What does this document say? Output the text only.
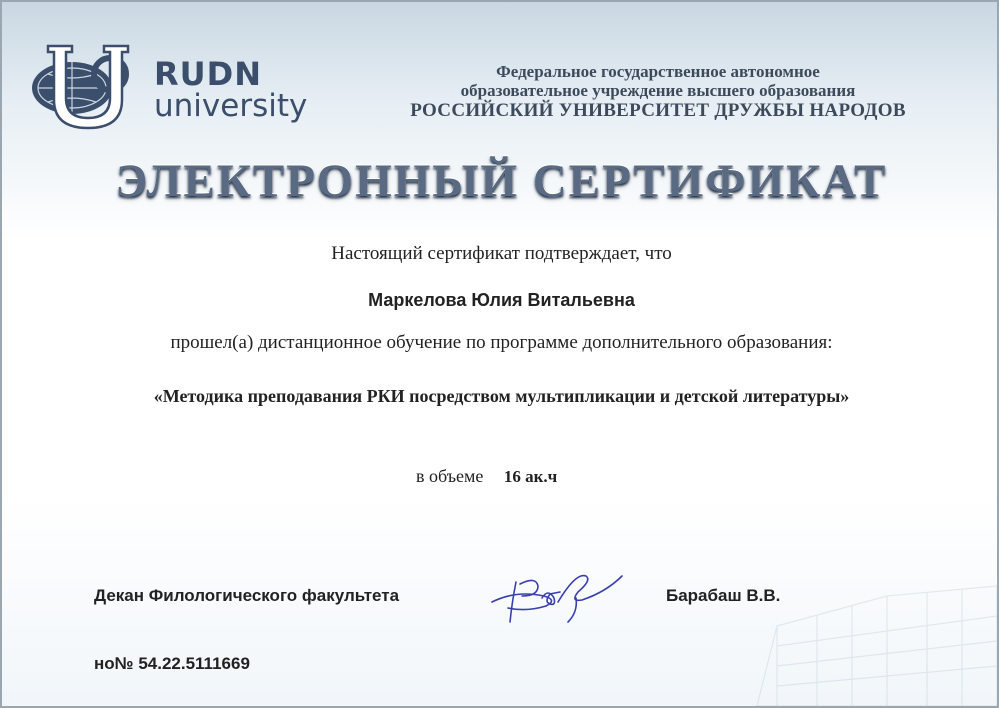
RUDN
university
Федеральное государственное автономное
образовательное учреждение высшего образования
РОССИЙСКИЙ УНИВЕРСИТЕТ ДРУЖБЫ НАРОДОВ
ЭЛЕКТРОННЫЙ СЕРТИФИКАТ
Настоящий сертификат подтверждает, что
Маркелова Юлия Витальевна
прошел(а) дистанционное обучение по программе дополнительного образования:
«Методика преподавания РКИ посредством мультипликации и детской литературы»
в объеме 16 ак.ч
Декан Филологического факультета	Барабаш В.В.
но№ 54.22.5111669
